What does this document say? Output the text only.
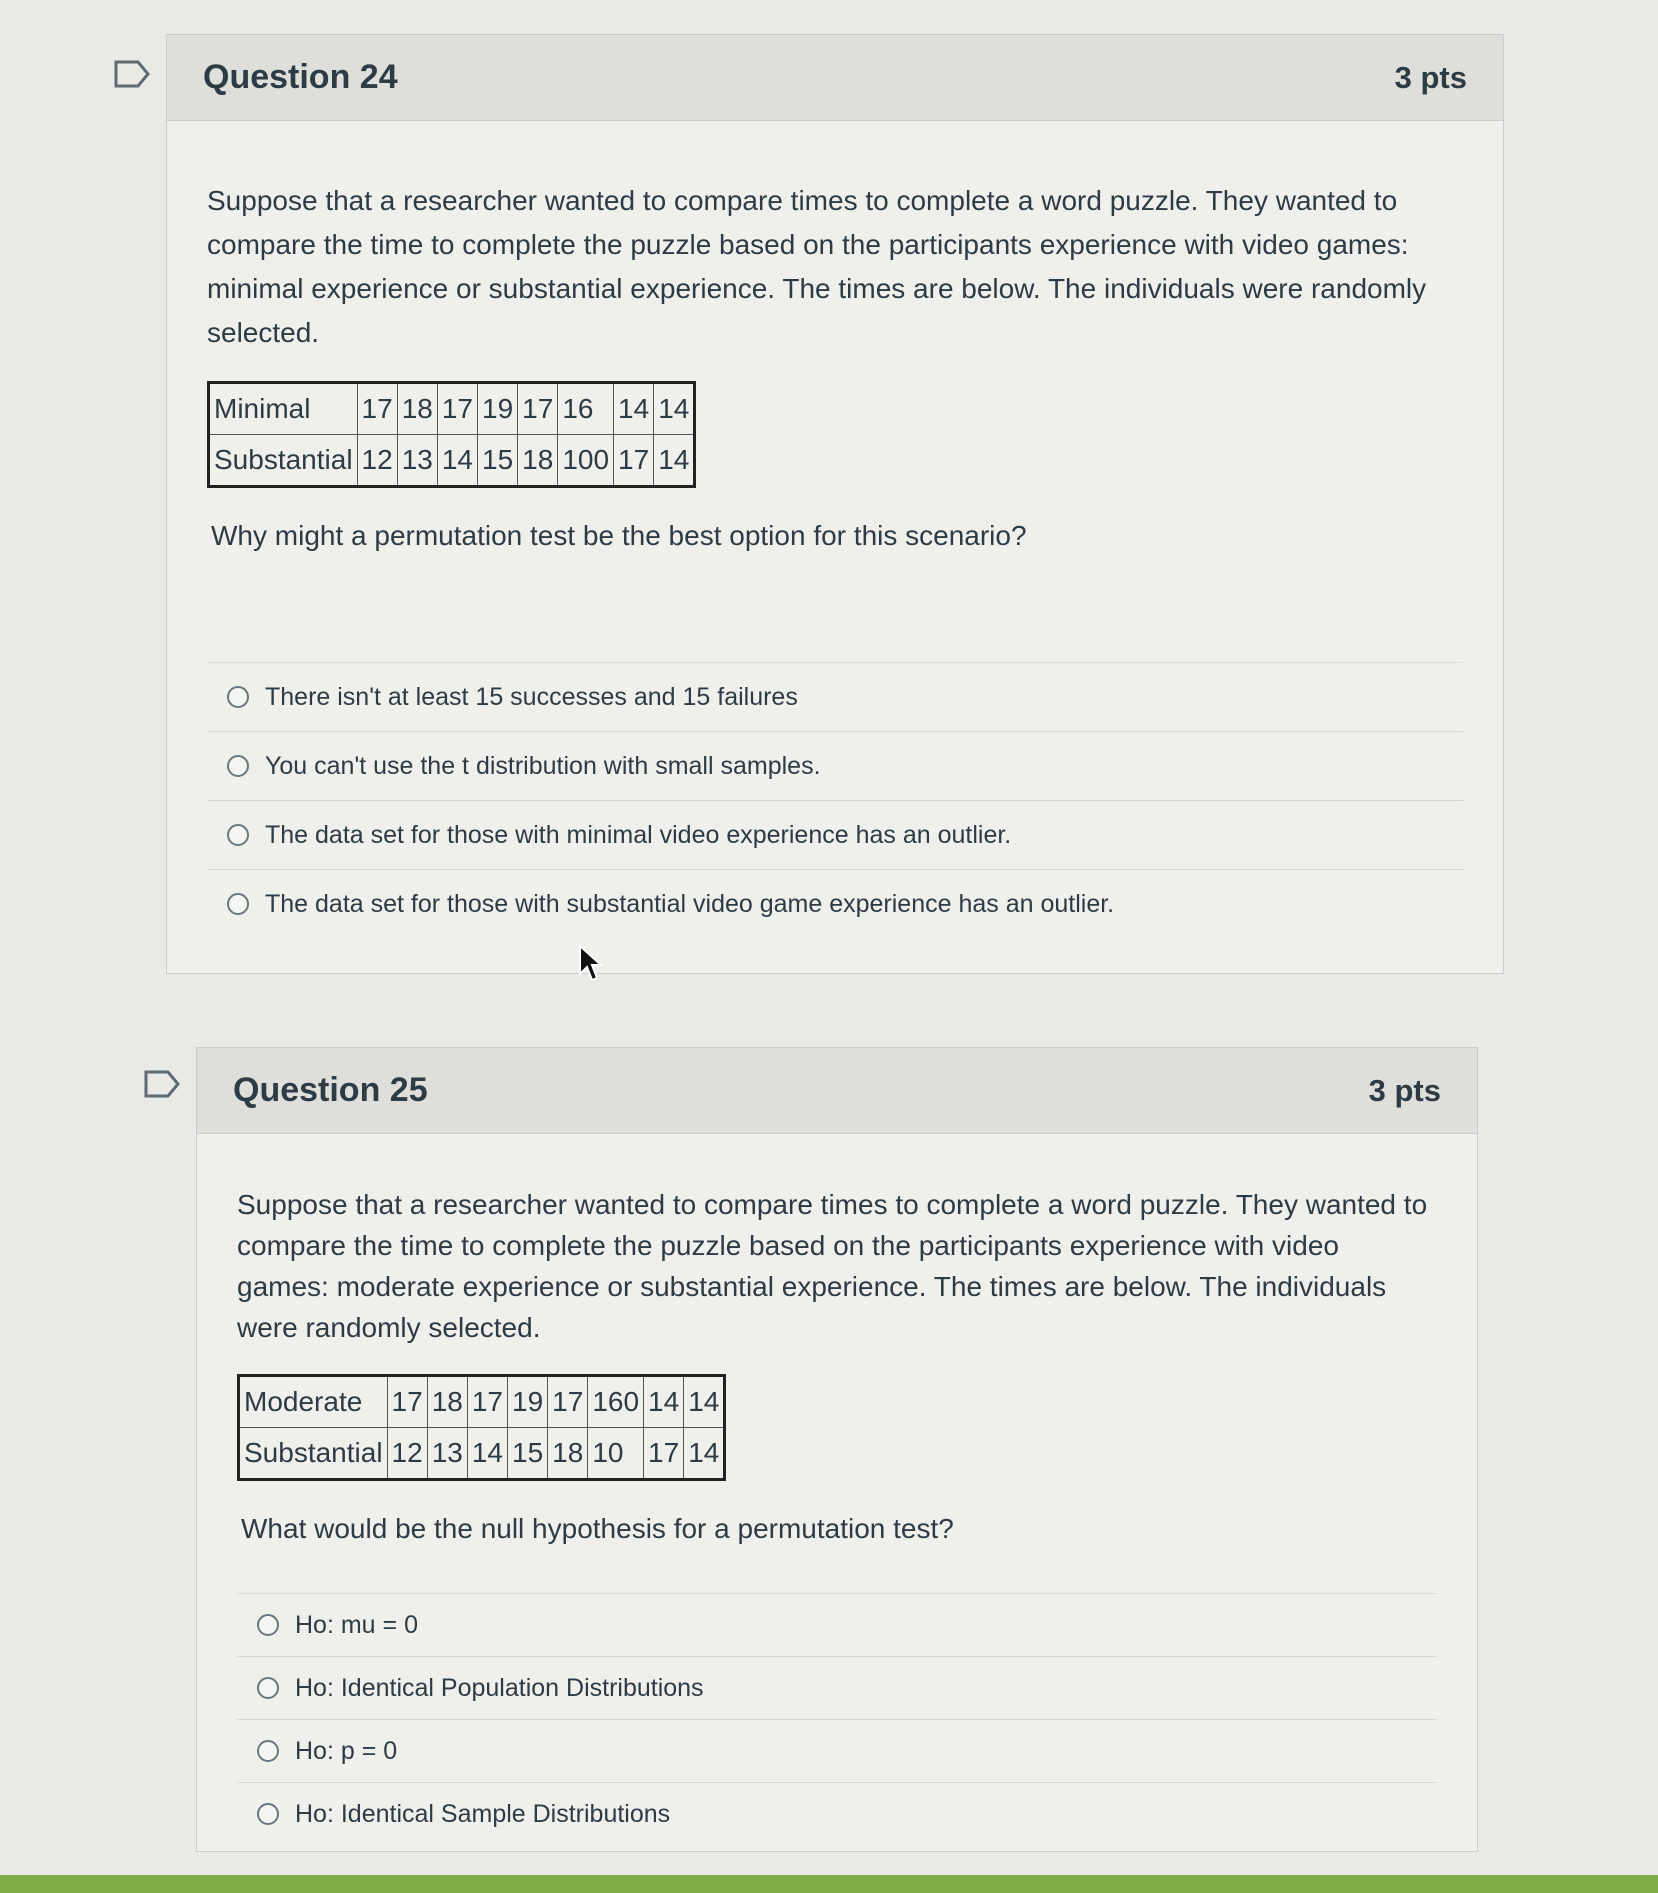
Question 24	3 pts

Suppose that a researcher wanted to compare times to complete a word puzzle. They wanted to compare the time to complete the puzzle based on the participants experience with video games: minimal experience or substantial experience. The times are below. The individuals were randomly selected.

Minimal	17	18	17	19	17	16	14	14
Substantial	12	13	14	15	18	100	17	14
Why might a permutation test be the best option for this scenario?
There isn't at least 15 successes and 15 failures
You can't use the t distribution with small samples.
The data set for those with minimal video experience has an outlier.
The data set for those with substantial video game experience has an outlier.
Question 25	3 pts

Suppose that a researcher wanted to compare times to complete a word puzzle. They wanted to compare the time to complete the puzzle based on the participants experience with video games: moderate experience or substantial experience. The times are below. The individuals were randomly selected.

Moderate	17	18	17	19	17	160	14	14
Substantial	12	13	14	15	18	10	17	14
What would be the null hypothesis for a permutation test?
Ho: mu = 0
Ho: Identical Population Distributions
Ho: p = 0
Ho: Identical Sample Distributions
